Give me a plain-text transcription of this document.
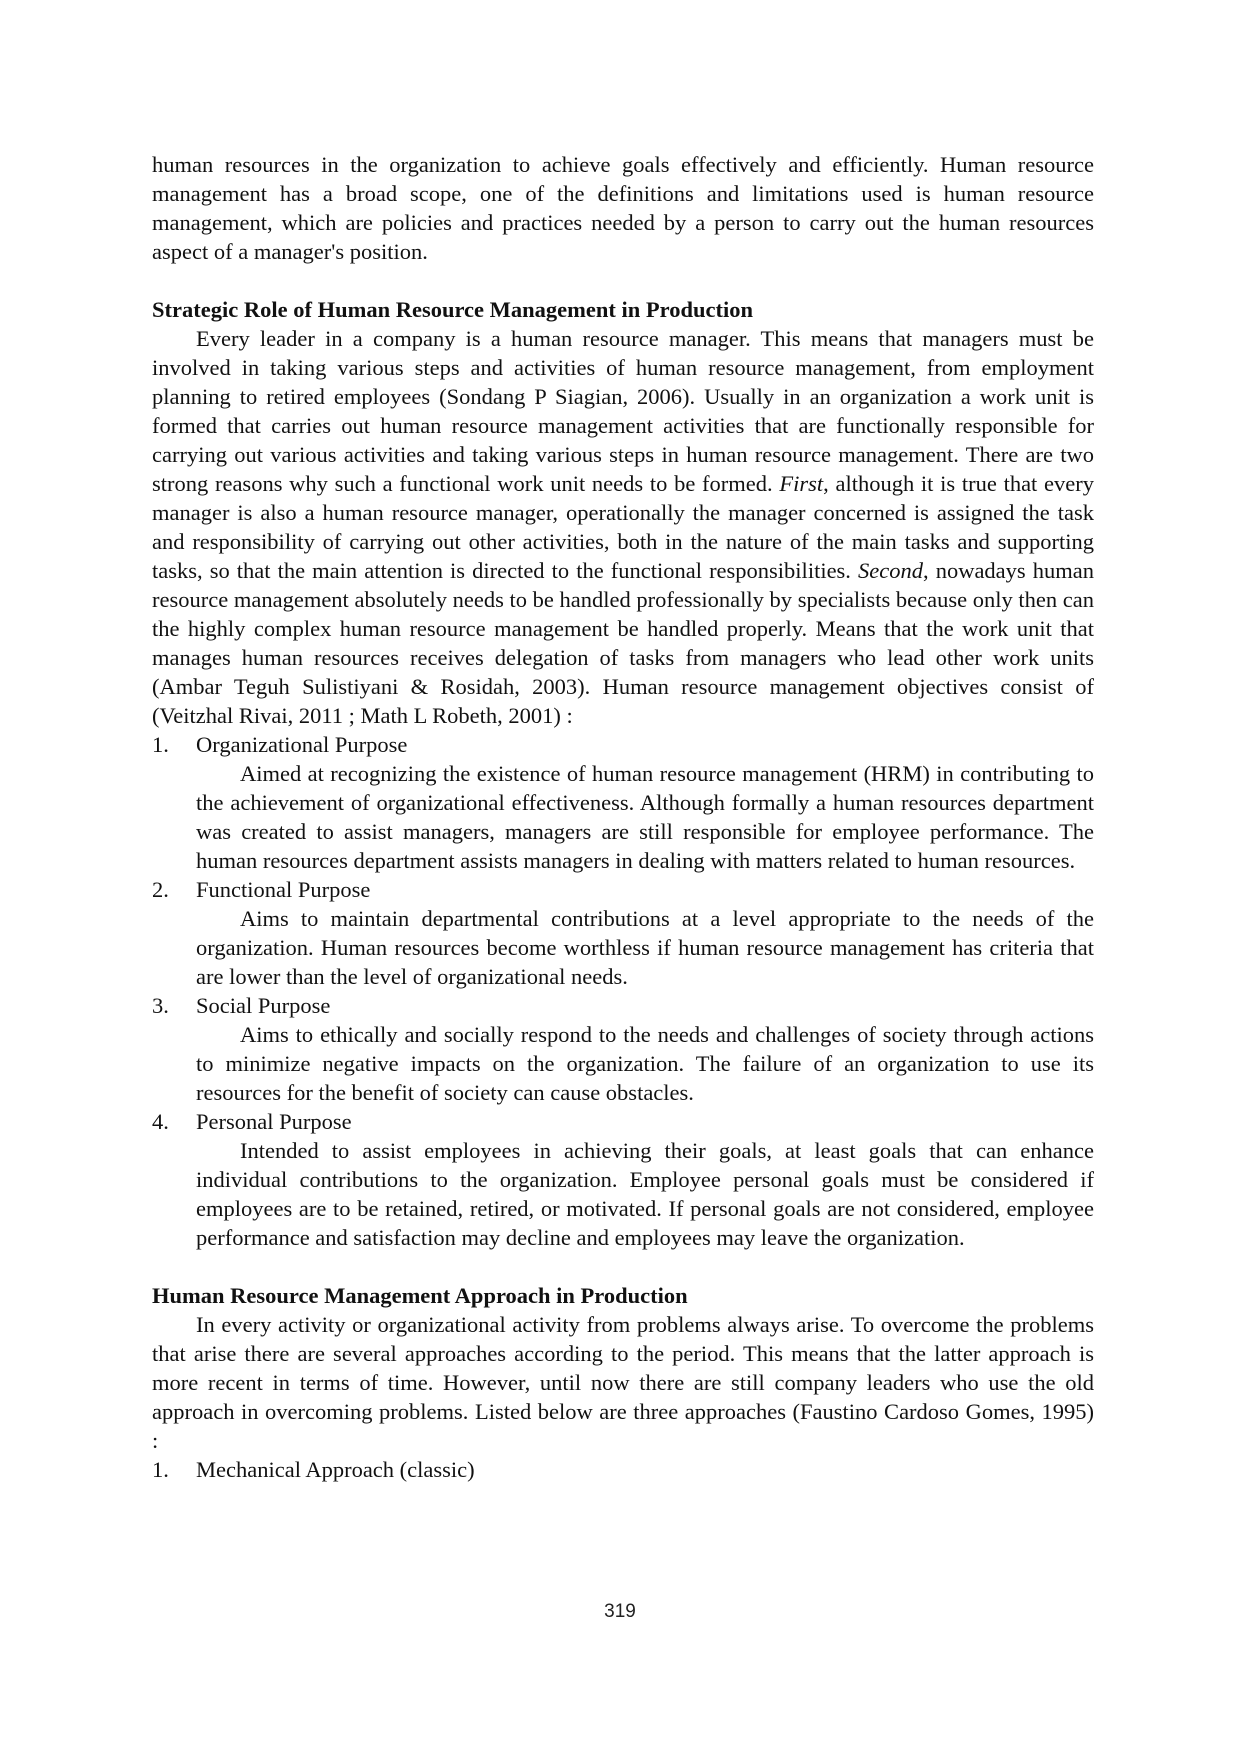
human resources in the organization to achieve goals effectively and efficiently. Human resource management has a broad scope, one of the definitions and limitations used is human resource management, which are policies and practices needed by a person to carry out the human resources aspect of a manager's position.

Strategic Role of Human Resource Management in Production

Every leader in a company is a human resource manager. This means that managers must be involved in taking various steps and activities of human resource management, from employment planning to retired employees (Sondang P Siagian, 2006). Usually in an organization a work unit is formed that carries out human resource management activities that are functionally responsible for carrying out various activities and taking various steps in human resource management. There are two strong reasons why such a functional work unit needs to be formed. First, although it is true that every manager is also a human resource manager, operationally the manager concerned is assigned the task and responsibility of carrying out other activities, both in the nature of the main tasks and supporting tasks, so that the main attention is directed to the functional responsibilities. Second, nowadays human resource management absolutely needs to be handled professionally by specialists because only then can the highly complex human resource management be handled properly. Means that the work unit that manages human resources receives delegation of tasks from managers who lead other work units (Ambar Teguh Sulistiyani & Rosidah, 2003). Human resource management objectives consist of (Veitzhal Rivai, 2011 ; Math L Robeth, 2001) :

1. Organizational Purpose

Aimed at recognizing the existence of human resource management (HRM) in contributing to the achievement of organizational effectiveness. Although formally a human resources department was created to assist managers, managers are still responsible for employee performance. The human resources department assists managers in dealing with matters related to human resources.

2. Functional Purpose

Aims to maintain departmental contributions at a level appropriate to the needs of the organization. Human resources become worthless if human resource management has criteria that are lower than the level of organizational needs.

3. Social Purpose

Aims to ethically and socially respond to the needs and challenges of society through actions to minimize negative impacts on the organization. The failure of an organization to use its resources for the benefit of society can cause obstacles.

4. Personal Purpose

Intended to assist employees in achieving their goals, at least goals that can enhance individual contributions to the organization. Employee personal goals must be considered if employees are to be retained, retired, or motivated. If personal goals are not considered, employee performance and satisfaction may decline and employees may leave the organization.

Human Resource Management Approach in Production

In every activity or organizational activity from problems always arise. To overcome the problems that arise there are several approaches according to the period. This means that the latter approach is more recent in terms of time. However, until now there are still company leaders who use the old approach in overcoming problems. Listed below are three approaches (Faustino Cardoso Gomes, 1995) :

1. Mechanical Approach (classic)
319
